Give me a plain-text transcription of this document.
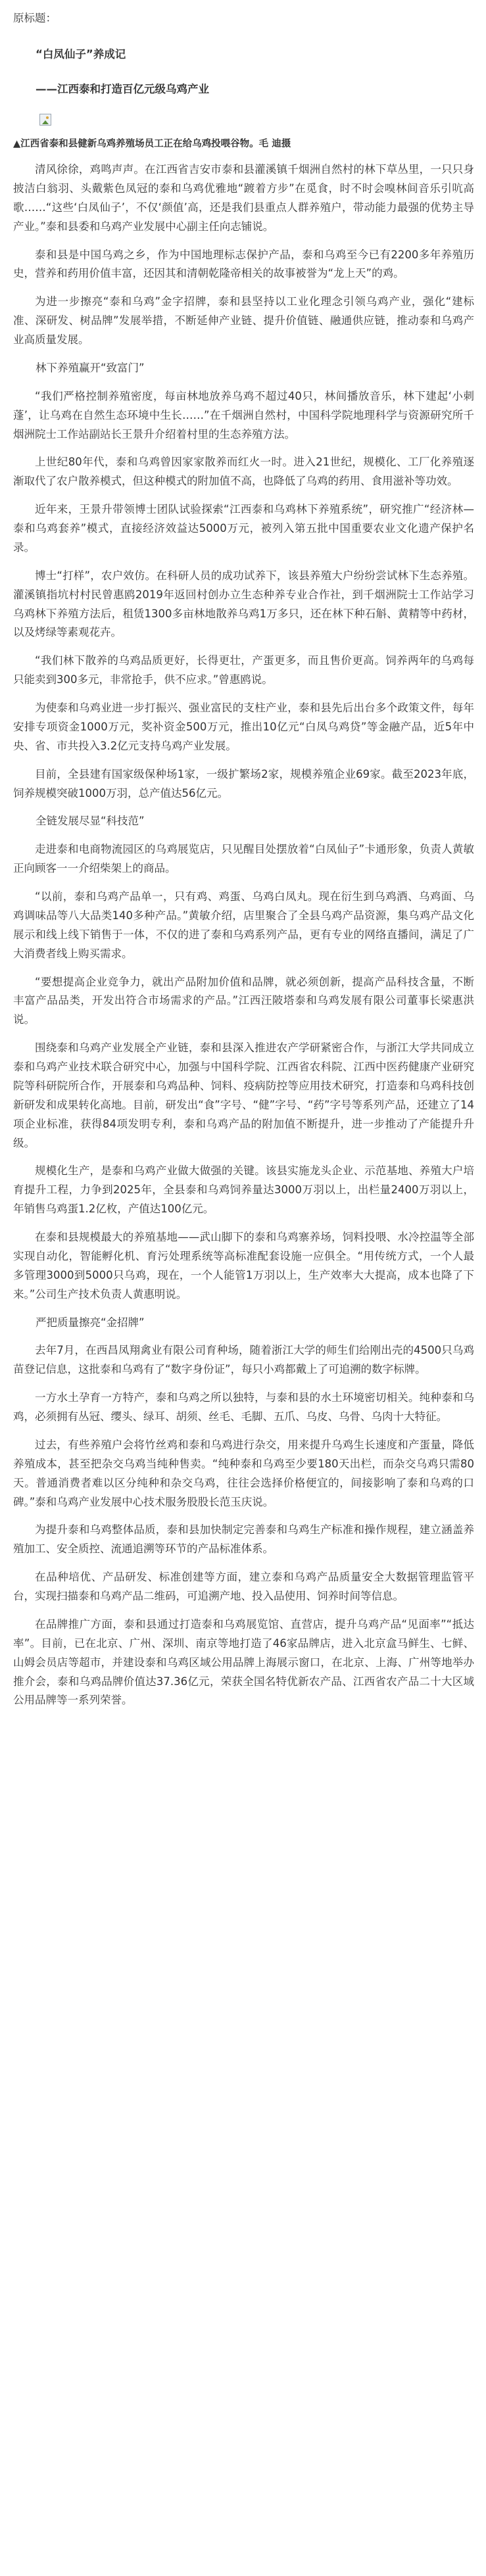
原标题：
“白凤仙子”养成记
——江西泰和打造百亿元级乌鸡产业
▲江西省泰和县健新乌鸡养殖场员工正在给乌鸡投喂谷物。毛 迪摄

清风徐徐，鸡鸣声声。在江西省吉安市泰和县灌溪镇千烟洲自然村的林下草丛里，一只只身披洁白翁羽、头戴紫色凤冠的泰和乌鸡优雅地“踱着方步”在觅食，时不时会嗅林间音乐引吭高歌……“这些‘白凤仙子’，不仅‘颜值’高，还是我们县重点人群养殖户，带动能力最强的优势主导产业。”泰和县委和乌鸡产业发展中心副主任向志铺说。

泰和县是中国乌鸡之乡，作为中国地理标志保护产品，泰和乌鸡至今已有2200多年养殖历史，营养和药用价值丰富，还因其和清朝乾隆帝相关的故事被誉为“龙上天”的鸡。

为进一步擦亮“泰和乌鸡”金字招牌，泰和县坚持以工业化理念引领乌鸡产业，强化“建标准、深研发、树品牌”发展举措，不断延伸产业链、提升价值链、融通供应链，推动泰和乌鸡产业高质量发展。

林下养殖赢开“致富门”

“我们严格控制养殖密度，每亩林地放养乌鸡不超过40只，林间播放音乐，林下建起‘小刺蓬’，让乌鸡在自然生态环境中生长……”在千烟洲自然村，中国科学院地理科学与资源研究所千烟洲院士工作站副站长王景升介绍着村里的生态养殖方法。

上世纪80年代，泰和乌鸡曾因家家散养而红火一时。进入21世纪，规模化、工厂化养殖逐渐取代了农户散养模式，但这种模式的附加值不高，也降低了乌鸡的药用、食用滋补等功效。

近年来，王景升带领博士团队试验探索“江西泰和乌鸡林下养殖系统”，研究推广“经济林—泰和乌鸡套养”模式，直接经济效益达5000万元，被列入第五批中国重要农业文化遗产保护名录。

博士“打样”，农户效仿。在科研人员的成功试养下，该县养殖大户纷纷尝试林下生态养殖。灌溪镇指坑村村民曾惠鸥2019年返回村创办立生态种养专业合作社，到千烟洲院士工作站学习乌鸡林下养殖方法后，租赁1300多亩林地散养乌鸡1万多只，还在林下种石斛、黄精等中药材，以及烤绿等素观花卉。

“我们林下散养的乌鸡品质更好，长得更壮，产蛋更多，而且售价更高。饲养两年的乌鸡每只能卖到300多元，非常抢手，供不应求。”曾惠鸥说。

为使泰和乌鸡业进一步打振兴、强业富民的支柱产业，泰和县先后出台多个政策文件，每年安排专项资金1000万元，奖补资金500万元，推出10亿元“白凤乌鸡贷”等金融产品，近5年中央、省、市共投入3.2亿元支持乌鸡产业发展。

目前，全县建有国家级保种场1家，一级扩繁场2家，规模养殖企业69家。截至2023年底，饲养规模突破1000万羽，总产值达56亿元。

全链发展尽显“科技范”

走进泰和电商物流园区的乌鸡展览店，只见醒目处摆放着“白凤仙子”卡通形象，负责人黄敏正向顾客一一介绍柴架上的商品。

“以前，泰和乌鸡产品单一，只有鸡、鸡蛋、乌鸡白凤丸。现在衍生到乌鸡酒、乌鸡面、乌鸡调味品等八大品类140多种产品。”黄敏介绍，店里聚合了全县乌鸡产品资源，集乌鸡产品文化展示和线上线下销售于一体，不仅的进了泰和乌鸡系列产品，更有专业的网络直播间，满足了广大消费者线上购买需求。

“要想提高企业竞争力，就出产品附加价值和品牌，就必须创新，提高产品科技含量，不断丰富产品品类，开发出符合市场需求的产品。”江西汪陂塔泰和乌鸡发展有限公司董事长梁惠洪说。

围绕泰和乌鸡产业发展全产业链，泰和县深入推进农产学研紧密合作，与浙江大学共同成立泰和乌鸡产业技术联合研究中心，加强与中国科学院、江西省农科院、江西中医药健康产业研究院等科研院所合作，开展泰和乌鸡品种、饲料、疫病防控等应用技术研究，打造泰和乌鸡科技创新研发和成果转化高地。目前，研发出“食”字号、“健”字号、“药”字号等系列产品，还建立了14项企业标准，获得84项发明专利，泰和乌鸡产品的附加值不断提升，进一步推动了产能提升升级。

规模化生产，是泰和乌鸡产业做大做强的关键。该县实施龙头企业、示范基地、养殖大户培育提升工程，力争到2025年，全县泰和乌鸡饲养量达3000万羽以上，出栏量2400万羽以上，年销售乌鸡蛋1.2亿枚，产值达100亿元。

在泰和县规模最大的养殖基地——武山脚下的泰和乌鸡寨养场，饲料投喂、水冷控温等全部实现自动化，智能孵化机、育污处理系统等高标准配套设施一应俱全。“用传统方式，一个人最多管理3000到5000只乌鸡，现在，一个人能管1万羽以上，生产效率大大提高，成本也降了下来。”公司生产技术负责人黄惠明说。

严把质量擦亮“金招牌”

去年7月，在西昌凤翔禽业有限公司育种场，随着浙江大学的师生们给刚出壳的4500只乌鸡苗登记信息，这批泰和乌鸡有了“数字身份证”，每只小鸡都戴上了可追溯的数字标牌。

一方水土孕育一方特产，泰和乌鸡之所以独特，与泰和县的水土环境密切相关。纯种泰和乌鸡，必须拥有丛冠、缨头、绿耳、胡须、丝毛、毛脚、五爪、乌皮、乌骨、乌肉十大特征。

过去，有些养殖户会将竹丝鸡和泰和乌鸡进行杂交，用来提升乌鸡生长速度和产蛋量，降低养殖成本，甚至把杂交乌鸡当纯种售卖。“纯种泰和乌鸡至少要180天出栏，而杂交乌鸡只需80天。普通消费者难以区分纯种和杂交乌鸡，往往会选择价格便宜的，间接影响了泰和乌鸡的口碑。”泰和乌鸡产业发展中心技术服务股股长范玉庆说。

为提升泰和乌鸡整体品质，泰和县加快制定完善泰和乌鸡生产标准和操作规程，建立涵盖养殖加工、安全质控、流通追溯等环节的产品标准体系。

在品种培优、产品研发、标准创建等方面，建立泰和乌鸡产品质量安全大数据管理监管平台，实现扫描泰和乌鸡产品二维码，可追溯产地、投入品使用、饲养时间等信息。

在品牌推广方面，泰和县通过打造泰和乌鸡展览馆、直营店，提升乌鸡产品“见面率”“抵达率”。目前，已在北京、广州、深圳、南京等地打造了46家品牌店，进入北京盒马鲜生、七鲜、山姆会员店等超市，并建设泰和乌鸡区域公用品牌上海展示窗口，在北京、上海、广州等地举办推介会，泰和乌鸡品牌价值达37.36亿元，荣获全国名特优新农产品、江西省农产品二十大区域公用品牌等一系列荣誉。
